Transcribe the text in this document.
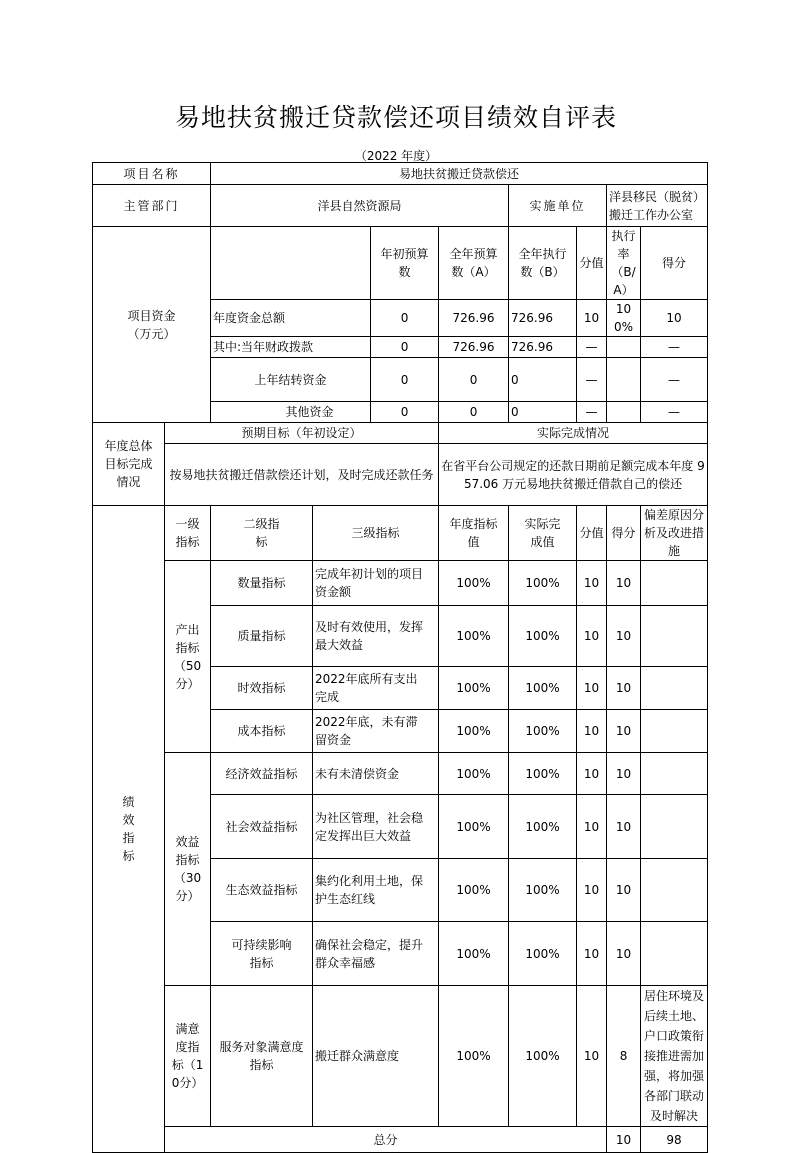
易地扶贫搬迁贷款偿还项目绩效自评表
（2022 年度）
项目名称		易地扶贫搬迁贷款偿还								
主管部门		洋县自然资源局				实施单位		洋县移民（脱贫）搬迁工作办公室		
项目资金（万元）				年初预算数	全年预算数（A）	全年执行数（B）	分值	执行率（B/A）	得分	
		年度资金总额		0	726.96	726.96	10	100%	10	
		其中:当年财政拨款		0	726.96	726.96	—		—	
		上年结转资金		0	0	0	—		—	
		其他资金		0	0	0	—		—	
年度总体目标完成情况	预期目标（年初设定）				实际完成情况					
	按易地扶贫搬迁借款偿还计划，及时完成还款任务				在省平台公司规定的还款日期前足额完成本年度 957.06 万元易地扶贫搬迁借款自己的偿还					
绩效指标	一级指标	二级指标	三级指标		年度指标值	实际完成值	分值	得分	偏差原因分析及改进措施	
	产出指标（50分）	数量指标	完成年初计划的项目资金额		100%	100%	10	10		
		质量指标	及时有效使用，发挥最大效益		100%	100%	10	10		
		时效指标	2022年底所有支出完成		100%	100%	10	10		
		成本指标	2022年底，未有滞留资金		100%	100%	10	10		
	效益指标（30分）	经济效益指标	未有未清偿资金		100%	100%	10	10		
		社会效益指标	为社区管理，社会稳定发挥出巨大效益		100%	100%	10	10		
		生态效益指标	集约化利用土地，保护生态红线		100%	100%	10	10		
		可持续影响指标	确保社会稳定，提升群众幸福感		100%	100%	10	10		
	满意度指标（10分）	服务对象满意度指标	搬迁群众满意度		100%	100%	10	8	居住环境及后续土地、户口政策衔接推进需加强，将加强各部门联动及时解决	
	总分							10	98	
